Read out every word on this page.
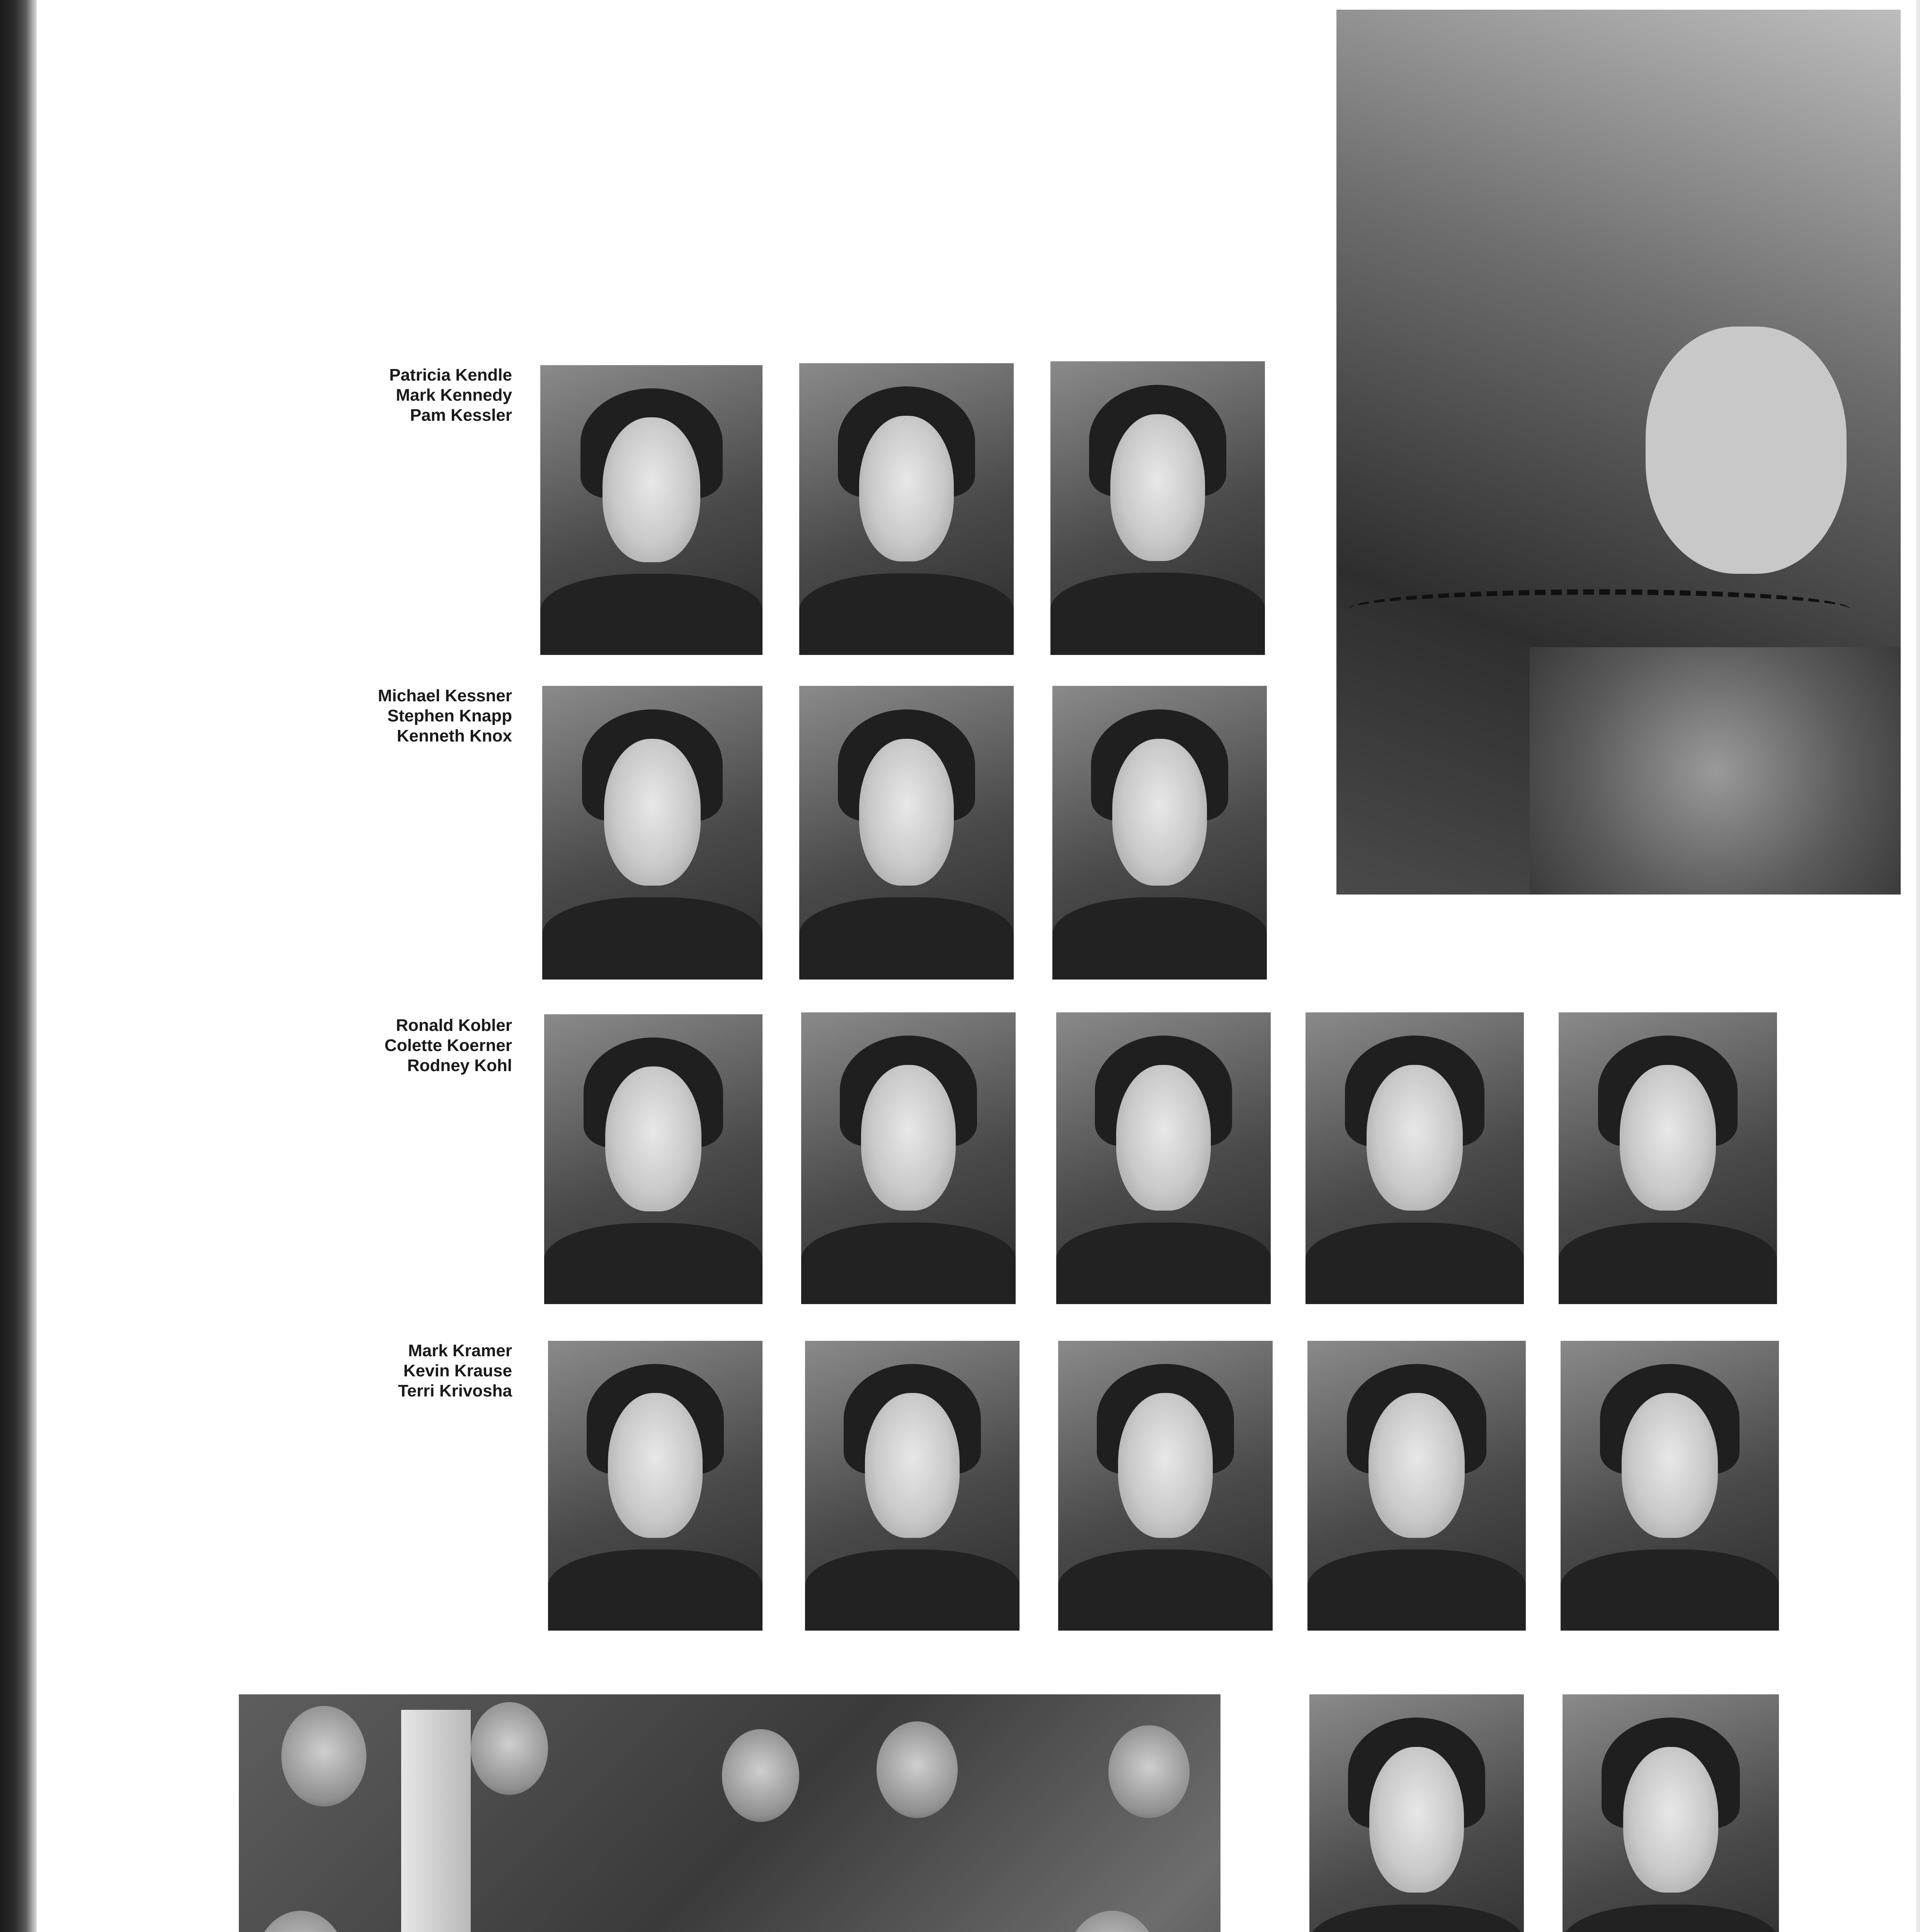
Patricia Kendle
Mark Kennedy
Pam Kessler
Michael Kessner
Stephen Knapp
Kenneth Knox
Ronald Kobler
Colette Koerner
Rodney Kohl
Mark Kramer
Kevin Krause
Terri Krivosha
